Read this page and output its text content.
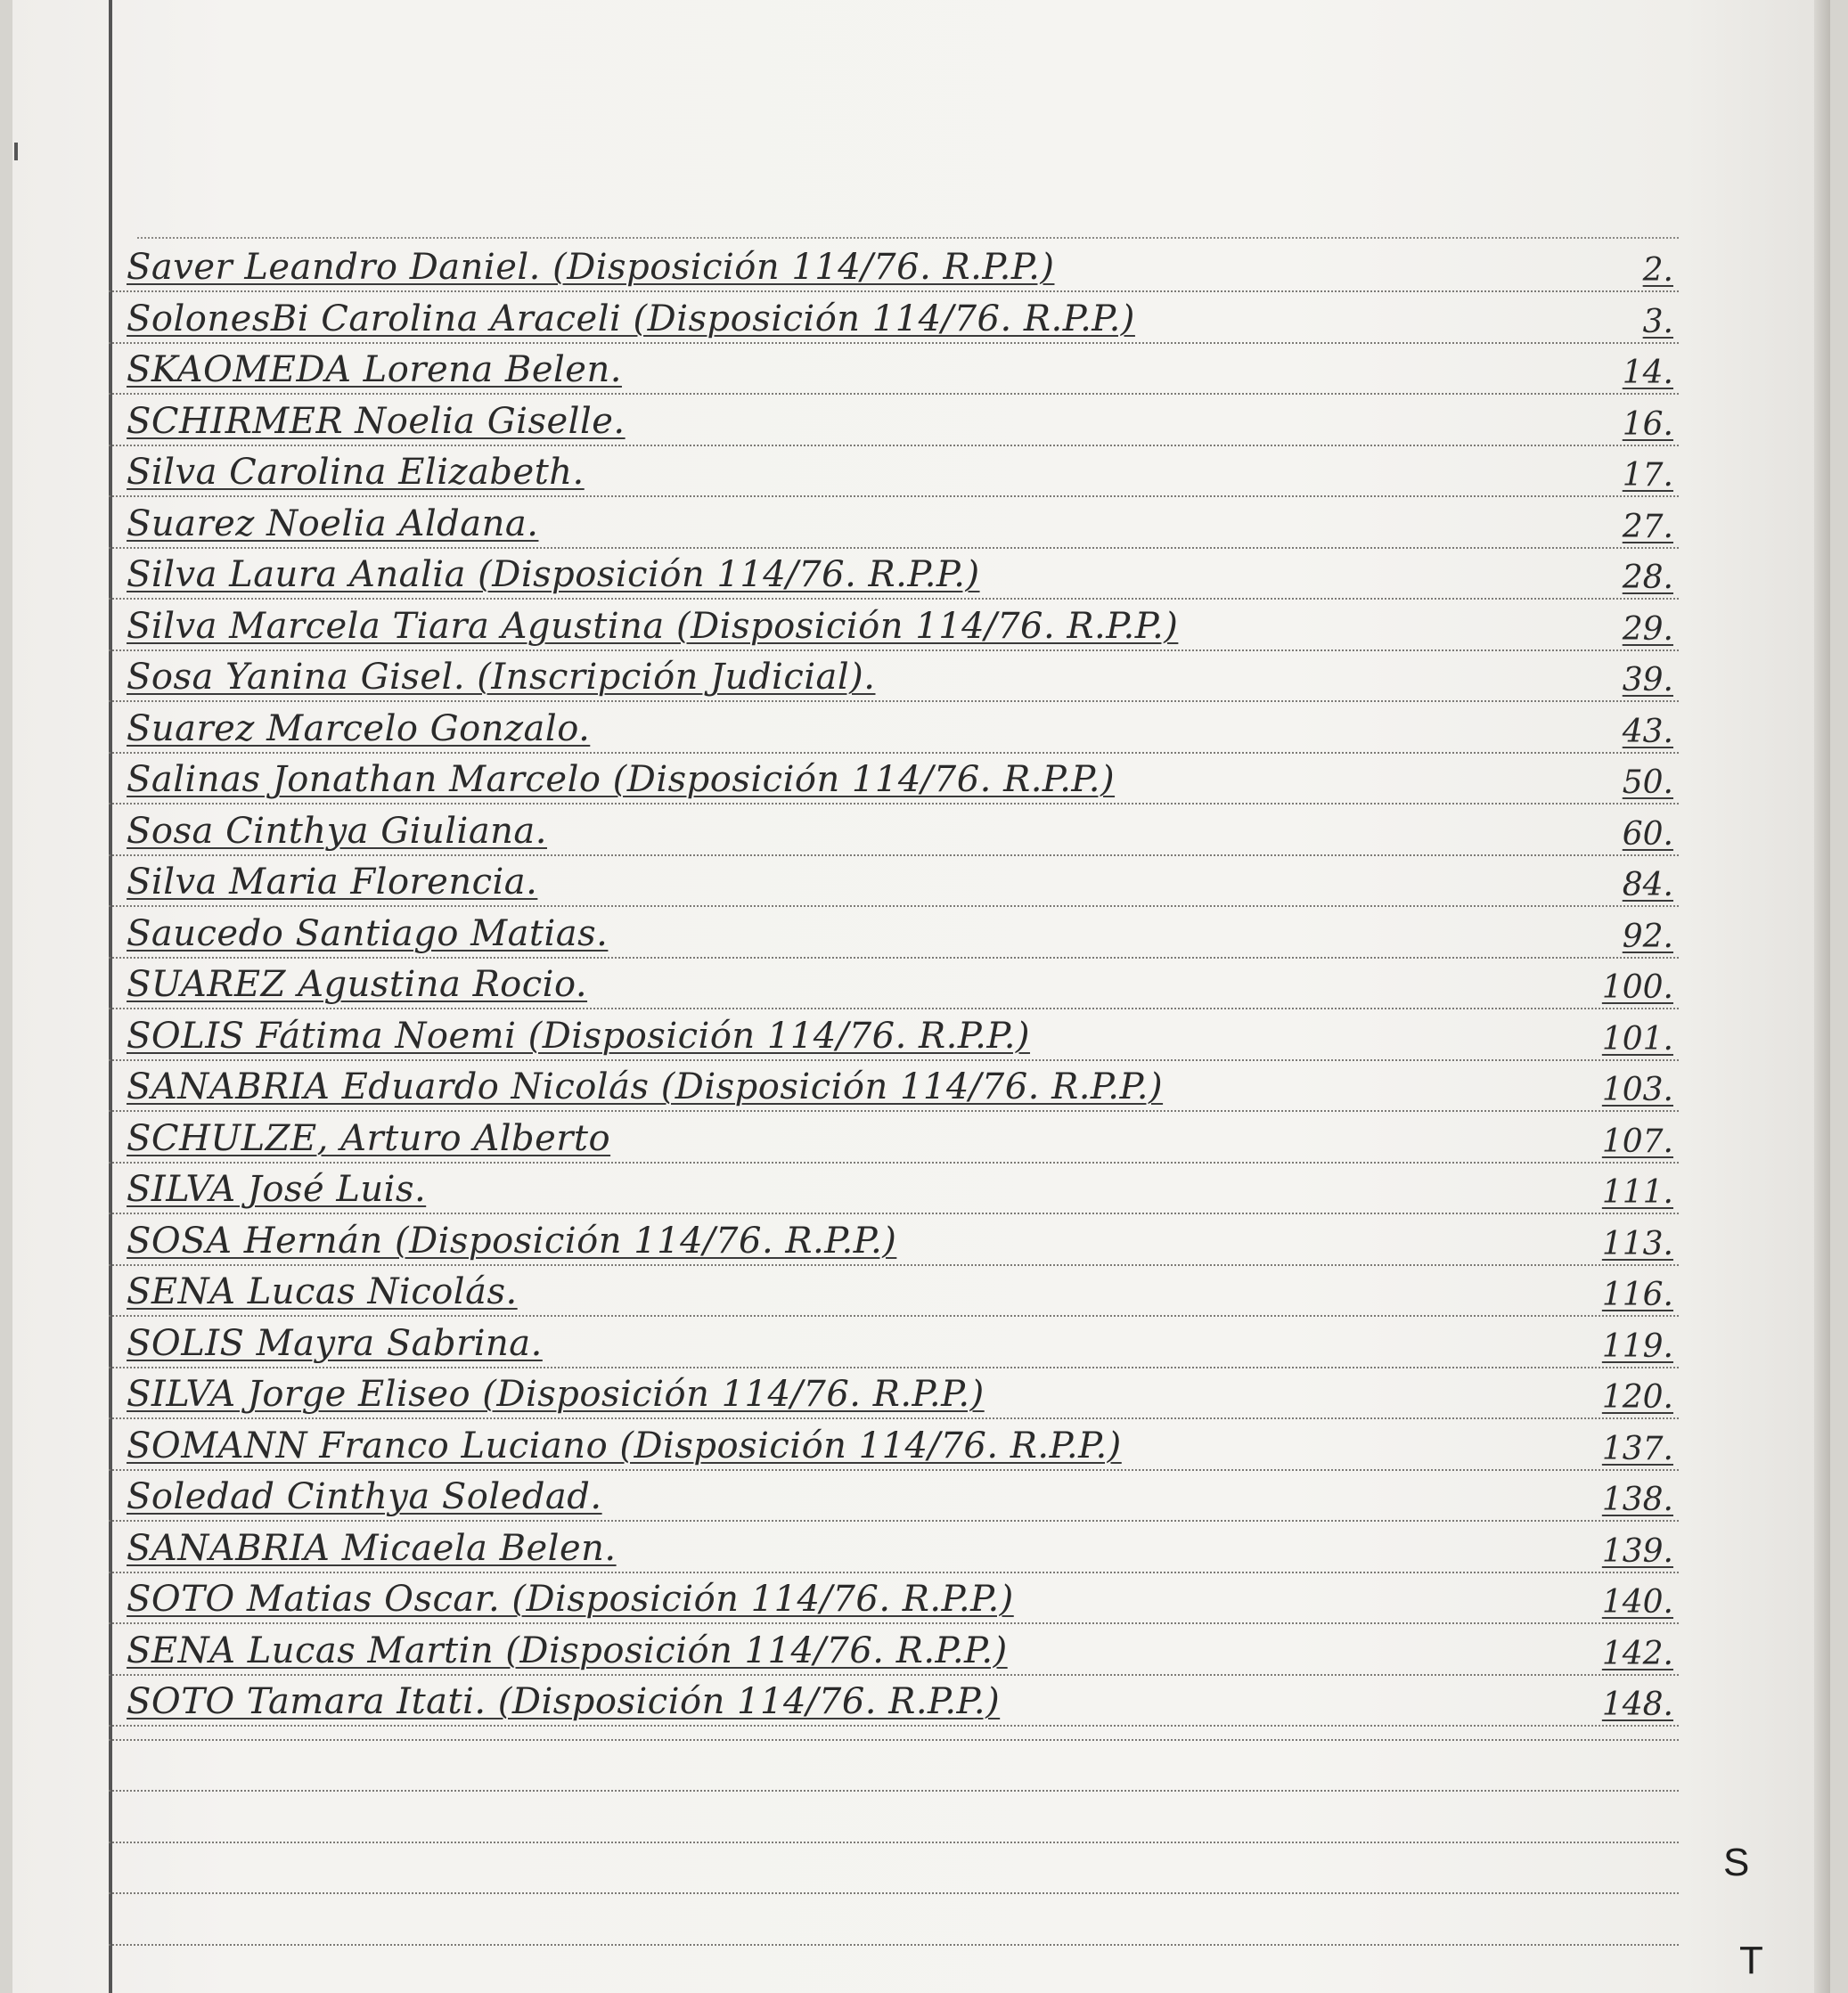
Saver Leandro Daniel. (Disposición 114/76. R.P.P.)	2.
SolonesBi Carolina Araceli (Disposición 114/76. R.P.P.)	3.
SKAOMEDA Lorena Belen.	14.
SCHIRMER Noelia Giselle.	16.
Silva Carolina Elizabeth.	17.
Suarez Noelia Aldana.	27.
Silva Laura Analia (Disposición 114/76. R.P.P.)	28.
Silva Marcela Tiara Agustina (Disposición 114/76. R.P.P.)	29.
Sosa Yanina Gisel. (Inscripción Judicial).	39.
Suarez Marcelo Gonzalo.	43.
Salinas Jonathan Marcelo (Disposición 114/76. R.P.P.)	50.
Sosa Cinthya Giuliana.	60.
Silva Maria Florencia.	84.
Saucedo Santiago Matias.	92.
SUAREZ Agustina Rocio.	100.
SOLIS Fátima Noemi (Disposición 114/76. R.P.P.)	101.
SANABRIA Eduardo Nicolás (Disposición 114/76. R.P.P.)	103.
SCHULZE, Arturo Alberto	107.
SILVA José Luis.	111.
SOSA Hernán (Disposición 114/76. R.P.P.)	113.
SENA Lucas Nicolás.	116.
SOLIS Mayra Sabrina.	119.
SILVA Jorge Eliseo (Disposición 114/76. R.P.P.)	120.
SOMANN Franco Luciano (Disposición 114/76. R.P.P.)	137.
Soledad Cinthya Soledad.	138.
SANABRIA Micaela Belen.	139.
SOTO Matias Oscar. (Disposición 114/76. R.P.P.)	140.
SENA Lucas Martin (Disposición 114/76. R.P.P.)	142.
SOTO Tamara Itati. (Disposición 114/76. R.P.P.)	148.
S
T
